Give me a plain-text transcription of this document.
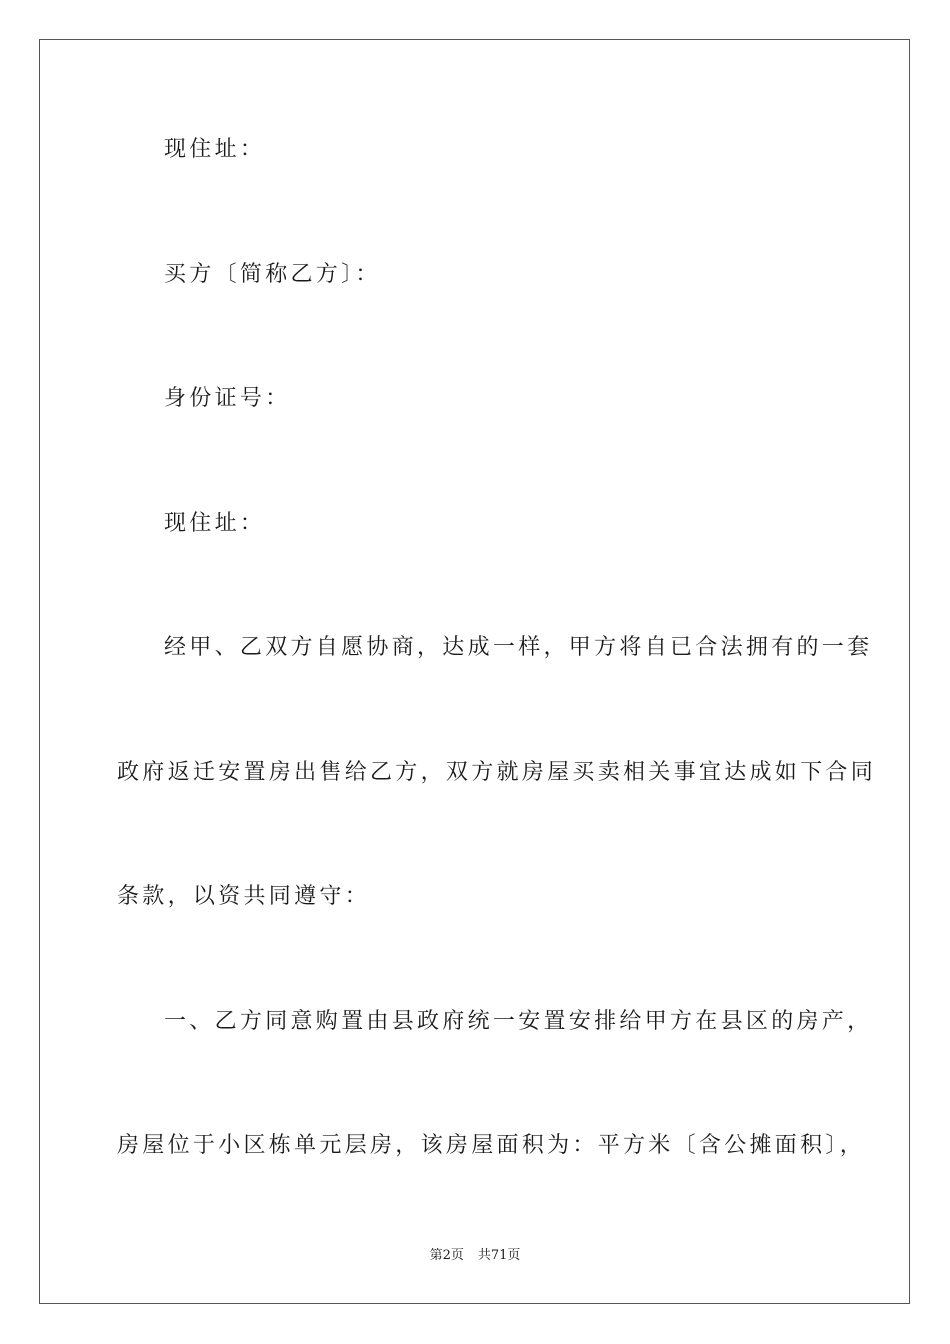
现住址：
买方〔简称乙方〕：
身份证号：
现住址：
经甲、乙双方自愿协商，达成一样，甲方将自已合法拥有的一套
政府返迁安置房出售给乙方，双方就房屋买卖相关事宜达成如下合同
条款，以资共同遵守：
一、乙方同意购置由县政府统一安置安排给甲方在县区的房产，
房屋位于小区栋单元层房，该房屋面积为：平方米〔含公摊面积〕，
第2页 共71页
